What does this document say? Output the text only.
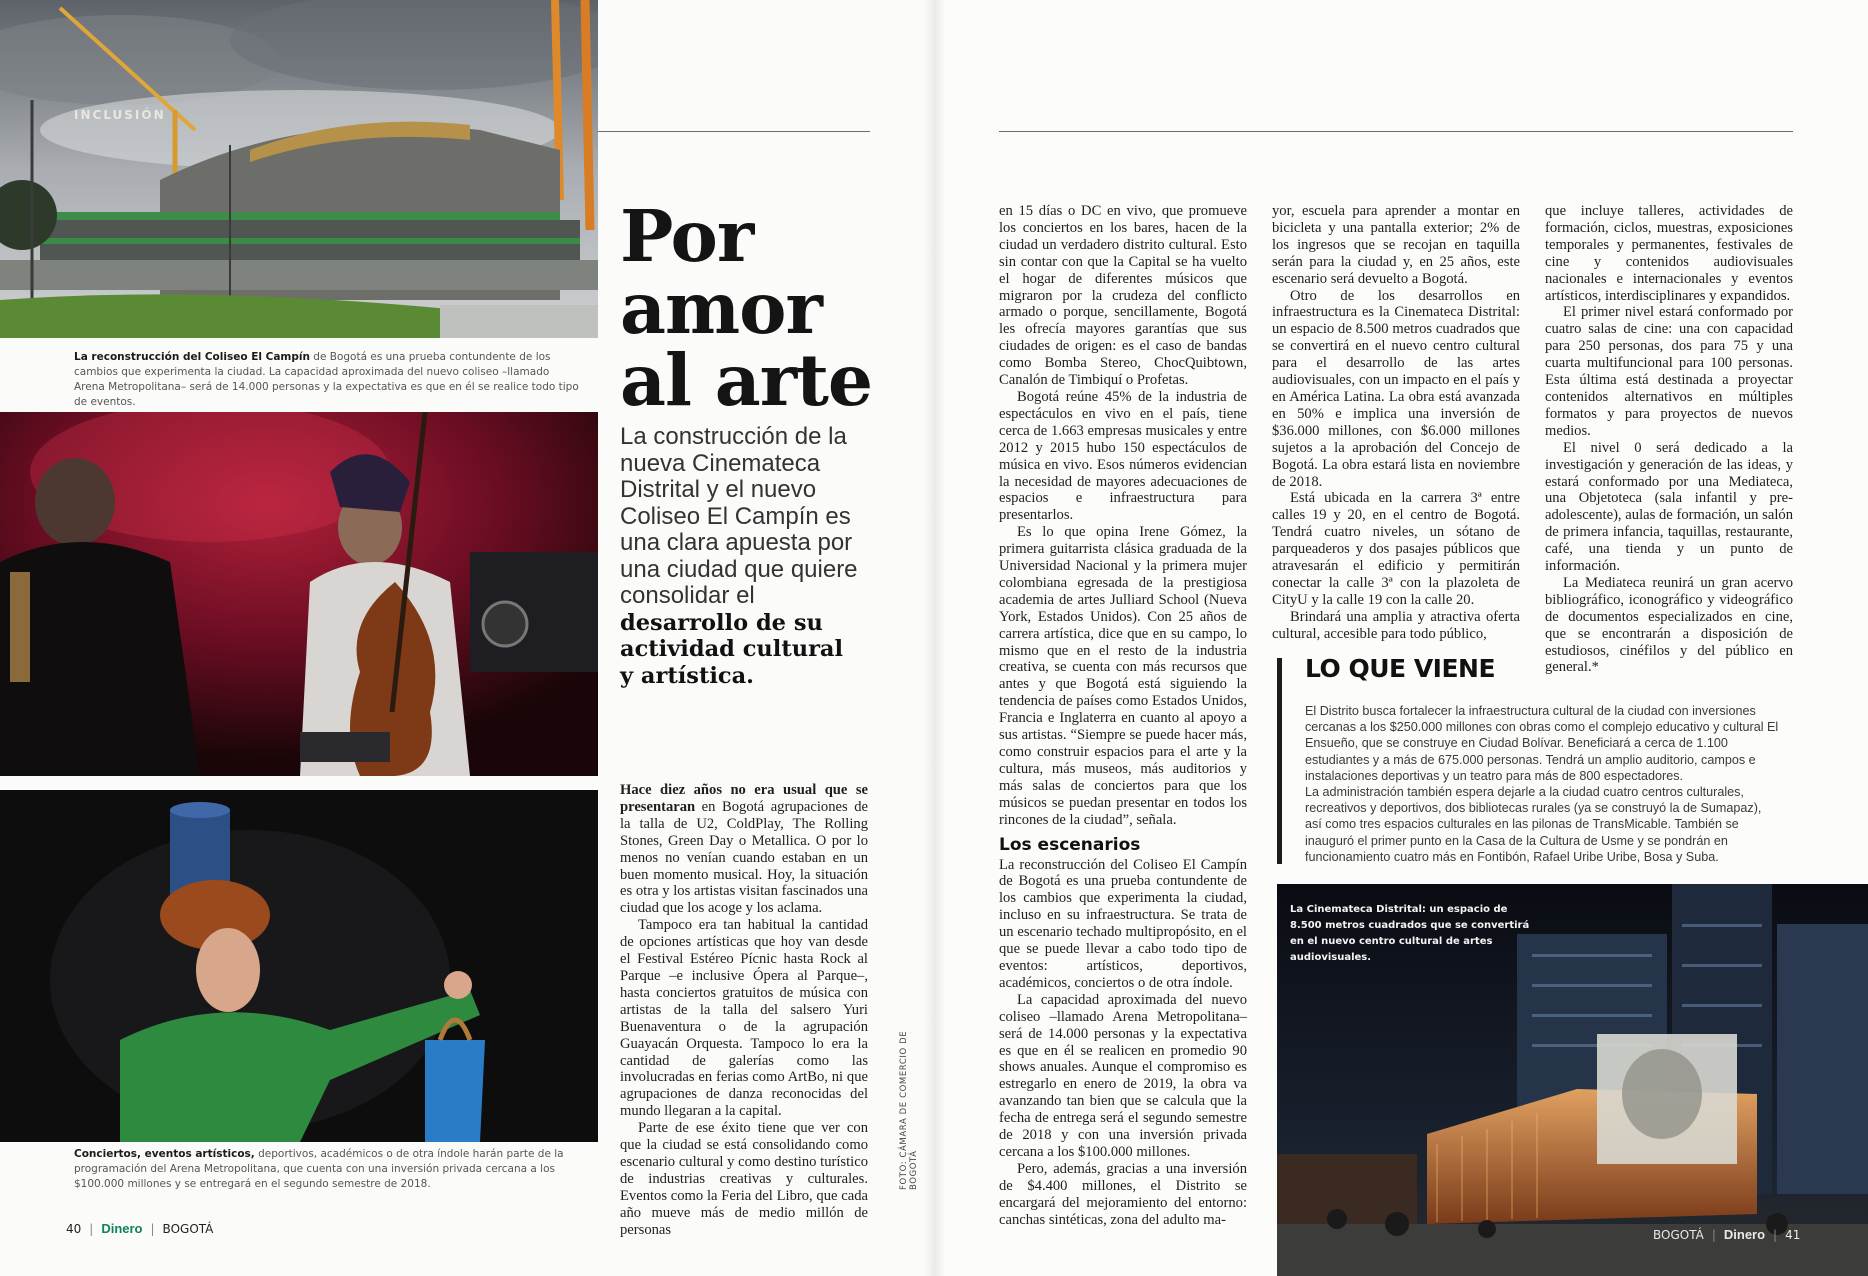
INCLUSIÓN
La reconstrucción del Coliseo El Campín de Bogotá es una prueba contundente de los cambios que experimenta la ciudad. La capacidad aproximada del nuevo coliseo –llamado Arena Metropolitana– será de 14.000 personas y la expectativa es que en él se realice todo tipo de eventos.
Conciertos, eventos artísticos, deportivos, académicos o de otra índole harán parte de la programación del Arena Metropolitana, que cuenta con una inversión privada cercana a los $100.000 millones y se entregará en el segundo semestre de 2018.
40 | Dinero | BOGOTÁ
Por
amor
al arte
La construcción de la nueva Cinemateca Distrital y el nuevo Coliseo El Campín es una clara apuesta por una ciudad que quiere consolidar el desarrollo de su actividad cultural y artística.

Hace diez años no era usual que se presentaran en Bogotá agrupaciones de la talla de U2, ColdPlay, The Rolling Stones, Green Day o Metallica. O por lo menos no venían cuando estaban en un buen momento musical. Hoy, la situación es otra y los artistas visitan fascinados una ciudad que los acoge y los aclama.

Tampoco era tan habitual la cantidad de opciones artísticas que hoy van desde el Festival Estéreo Pícnic hasta Rock al Parque –e inclusive Ópera al Parque–, hasta conciertos gratuitos de música con artistas de la talla del salsero Yuri Buenaventura o de la agrupación Guayacán Orquesta. Tampoco lo era la cantidad de galerías como las involucradas en ferias como ArtBo, ni que agrupaciones de danza reconocidas del mundo llegaran a la capital.

Parte de ese éxito tiene que ver con que la ciudad se está consolidando como escenario cultural y como destino turístico de industrias creativas y culturales. Eventos como la Feria del Libro, que cada año mueve más de medio millón de personas

FOTO: CÁMARA DE COMERCIO DE BOGOTÁ

en 15 días o DC en vivo, que promueve los conciertos en los bares, hacen de la ciudad un verdadero distrito cultural. Esto sin contar con que la Capital se ha vuelto el hogar de diferentes músicos que migraron por la crudeza del conflicto armado o porque, sencillamente, Bogotá les ofrecía mayores garantías que sus ciudades de origen: es el caso de bandas como Bomba Stereo, ChocQuibtown, Canalón de Timbiquí o Profetas.

Bogotá reúne 45% de la industria de espectáculos en vivo en el país, tiene cerca de 1.663 empresas musicales y entre 2012 y 2015 hubo 150 espectáculos de música en vivo. Esos números evidencian la necesidad de mayores adecuaciones de espacios e infraestructura para presentarlos.

Es lo que opina Irene Gómez, la primera guitarrista clásica graduada de la Universidad Nacional y la primera mujer colombiana egresada de la prestigiosa academia de artes Julliard School (Nueva York, Estados Unidos). Con 25 años de carrera artística, dice que en su campo, lo mismo que en el resto de la industria creativa, se cuenta con más recursos que antes y que Bogotá está siguiendo la tendencia de países como Estados Unidos, Francia e Inglaterra en cuanto al apoyo a sus artistas. “Siempre se puede hacer más, como construir espacios para el arte y la cultura, más museos, más auditorios y más salas de conciertos para que los músicos se puedan presentar en todos los rincones de la ciudad”, señala.

Los escenarios

La reconstrucción del Coliseo El Campín de Bogotá es una prueba contundente de los cambios que experimenta la ciudad, incluso en su infraestructura. Se trata de un escenario techado multipropósito, en el que se puede llevar a cabo todo tipo de eventos: artísticos, deportivos, académicos, conciertos o de otra índole.

La capacidad aproximada del nuevo coliseo –llamado Arena Metropolitana– será de 14.000 personas y la expectativa es que en él se realicen en promedio 90 shows anuales. Aunque el compromiso es estregarlo en enero de 2019, la obra va avanzando tan bien que se calcula que la fecha de entrega será el segundo semestre de 2018 y con una inversión privada cercana a los $100.000 millones.

Pero, además, gracias a una inversión de $4.400 millones, el Distrito se encargará del mejoramiento del entorno: canchas sintéticas, zona del adulto ma-

yor, escuela para aprender a montar en bicicleta y una pantalla exterior; 2% de los ingresos que se recojan en taquilla serán para la ciudad y, en 25 años, este escenario será devuelto a Bogotá.

Otro de los desarrollos en infraestructura es la Cinemateca Distrital: un espacio de 8.500 metros cuadrados que se convertirá en el nuevo centro cultural para el desarrollo de las artes audiovisuales, con un impacto en el país y en América Latina. La obra está avanzada en 50% e implica una inversión de $36.000 millones, con $6.000 millones sujetos a la aprobación del Concejo de Bogotá. La obra estará lista en noviembre de 2018.

Está ubicada en la carrera 3ª entre calles 19 y 20, en el centro de Bogotá. Tendrá cuatro niveles, un sótano de parqueaderos y dos pasajes públicos que atravesarán el edificio y permitirán conectar la calle 3ª con la plazoleta de CityU y la calle 19 con la calle 20.

Brindará una amplia y atractiva oferta cultural, accesible para todo público,

que incluye talleres, actividades de formación, ciclos, muestras, exposiciones temporales y permanentes, festivales de cine y contenidos audiovisuales nacionales e internacionales y eventos artísticos, interdisciplinares y expandidos.

El primer nivel estará conformado por cuatro salas de cine: una con capacidad para 250 personas, dos para 75 y una cuarta multifuncional para 100 personas. Esta última está destinada a proyectar contenidos alternativos en múltiples formatos y para proyectos de nuevos medios.

El nivel 0 será dedicado a la investigación y generación de las ideas, y estará conformado por una Mediateca, una Objetoteca (sala infantil y pre-adolescente), aulas de formación, un salón de primera infancia, taquillas, restaurante, café, una tienda y un punto de información.

La Mediateca reunirá un gran acervo bibliográfico, iconográfico y videográfico de documentos especializados en cine, que se encontrarán a disposición de estudiosos, cinéfilos y del público en general.*

LO QUE VIENE

El Distrito busca fortalecer la infraestructura cultural de la ciudad con inversiones cercanas a los $250.000 millones con obras como el complejo educativo y cultural El Ensueño, que se construye en Ciudad Bolívar. Beneficiará a cerca de 1.100 estudiantes y a más de 675.000 personas. Tendrá un amplio auditorio, campos e instalaciones deportivas y un teatro para más de 800 espectadores.

La administración también espera dejarle a la ciudad cuatro centros culturales, recreativos y deportivos, dos bibliotecas rurales (ya se construyó la de Sumapaz), así como tres espacios culturales en las pilonas de TransMicable. También se inauguró el primer punto en la Casa de la Cultura de Usme y se pondrán en funcionamiento cuatro más en Fontibón, Rafael Uribe Uribe, Bosa y Suba.

La Cinemateca Distrital: un espacio de 8.500 metros cuadrados que se convertirá en el nuevo centro cultural de artes audiovisuales.
BOGOTÁ | Dinero | 41
